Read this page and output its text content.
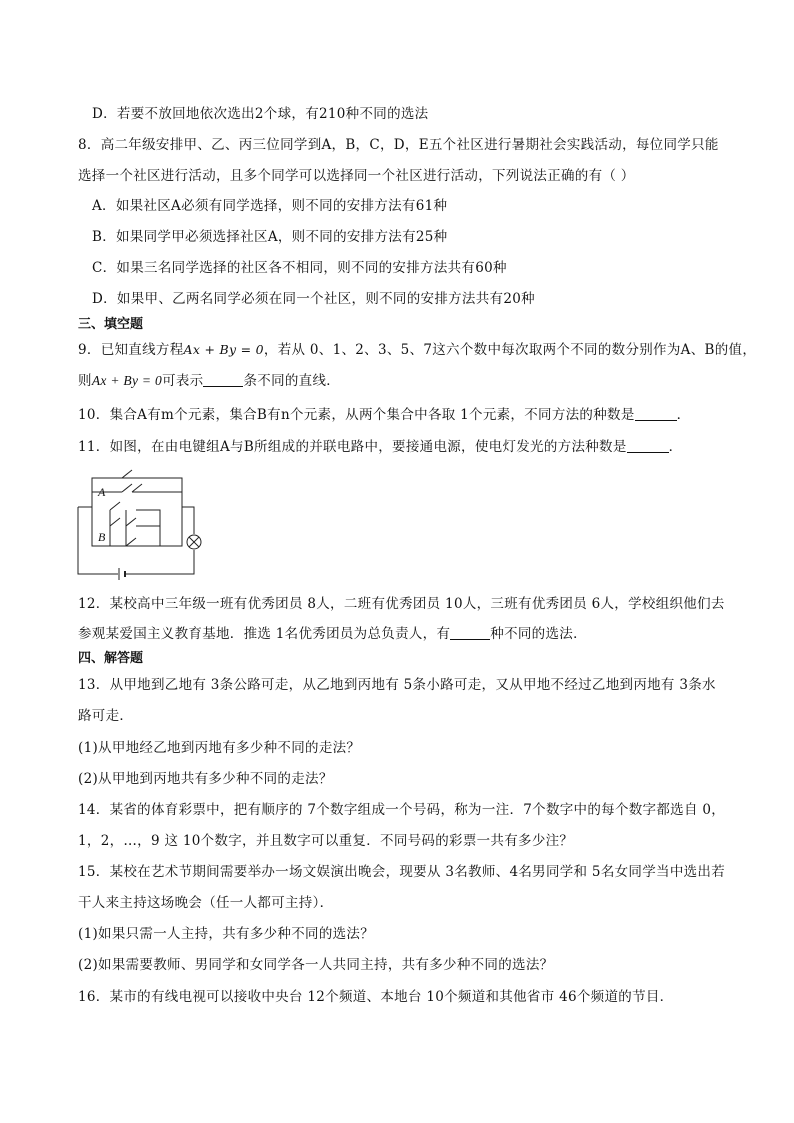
D．若要不放回地依次选出2个球，有210种不同的选法
8．高二年级安排甲、乙、丙三位同学到A，B，C，D，E五个社区进行暑期社会实践活动，每位同学只能
选择一个社区进行活动，且多个同学可以选择同一个社区进行活动，下列说法正确的有（ ）
A．如果社区A必须有同学选择，则不同的安排方法有61种
B．如果同学甲必须选择社区A，则不同的安排方法有25种
C．如果三名同学选择的社区各不相同，则不同的安排方法共有60种
D．如果甲、乙两名同学必须在同一个社区，则不同的安排方法共有20种
三、填空题
9．已知直线方程Ax + By = 0，若从 0、1、2、3、5、7这六个数中每次取两个不同的数分别作为A、B的值，
则Ax + By = 0可表示	条不同的直线．
10．集合A有m个元素，集合B有n个元素，从两个集合中各取 1个元素，不同方法的种数是	．
11．如图，在由电键组A与B所组成的并联电路中，要接通电源，使电灯发光的方法种数是	．
A
B
12．某校高中三年级一班有优秀团员 8人，二班有优秀团员 10人，三班有优秀团员 6人，学校组织他们去
参观某爱国主义教育基地．推选 1名优秀团员为总负责人，有	种不同的选法．
四、解答题
13．从甲地到乙地有 3条公路可走，从乙地到丙地有 5条小路可走，又从甲地不经过乙地到丙地有 3条水
路可走．
(1)从甲地经乙地到丙地有多少种不同的走法？
(2)从甲地到丙地共有多少种不同的走法？
14．某省的体育彩票中，把有顺序的 7个数字组成一个号码，称为一注．7个数字中的每个数字都选自 0，
1，2，…，9 这 10个数字，并且数字可以重复．不同号码的彩票一共有多少注？
15．某校在艺术节期间需要举办一场文娱演出晚会，现要从 3名教师、4名男同学和 5名女同学当中选出若
干人来主持这场晚会（任一人都可主持）．
(1)如果只需一人主持，共有多少种不同的选法？
(2)如果需要教师、男同学和女同学各一人共同主持，共有多少种不同的选法？
16．某市的有线电视可以接收中央台 12个频道、本地台 10个频道和其他省市 46个频道的节目．
